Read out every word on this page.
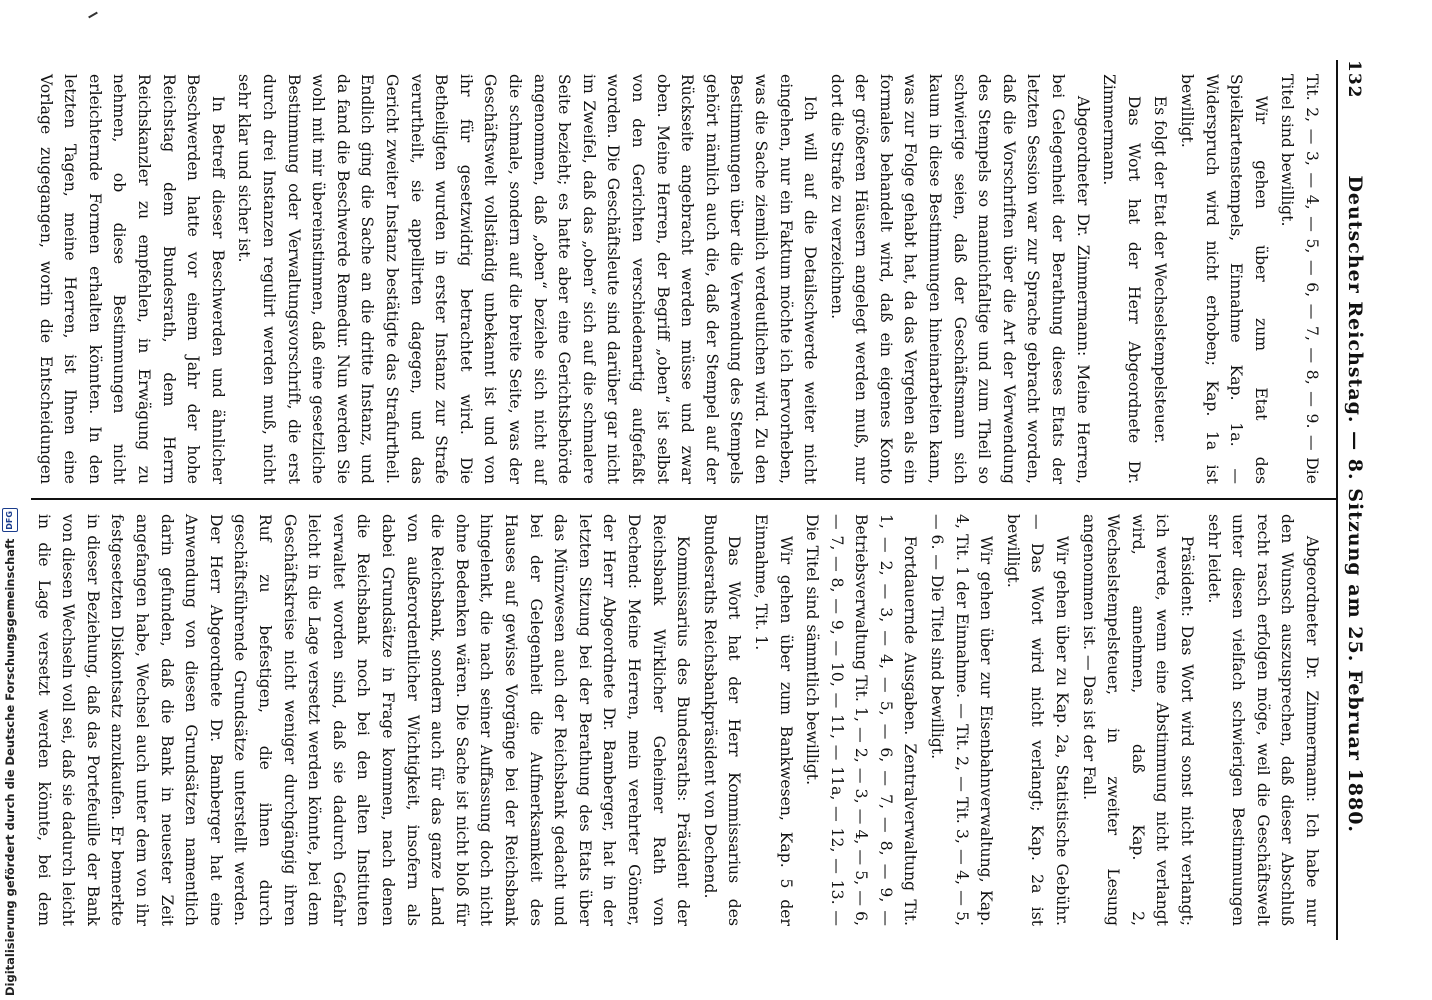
132
Deutscher Reichstag. — 8. Sitzung am 25. Februar 1880.

Tit. 2, — 3, — 4, — 5, — 6, — 7, — 8, — 9. — Die Titel sind bewilligt.

Wir gehen über zum Etat des Spielkartenstempels, Einnahme Kap. 1a. — Widerspruch wird nicht erhoben; Kap. 1a ist bewilligt.

Es folgt der Etat der Wechselstempelsteuer.

Das Wort hat der Herr Abgeordnete Dr. Zimmermann.

Abgeordneter Dr. Zimmermann: Meine Herren, bei Gelegenheit der Berathung dieses Etats der letzten Session war zur Sprache gebracht worden, daß die Vorschriften über die Art der Verwendung des Stempels so mannichfaltige und zum Theil so schwierige seien, daß der Geschäftsmann sich kaum in diese Bestimmungen hineinarbeiten kann, was zur Folge gehabt hat, da das Vergehen als ein formales behandelt wird, daß ein eigenes Konto der größeren Häusern angelegt werden muß, nur dort die Strafe zu verzeichnen.

Ich will auf die Detailschwerde weiter nicht eingehen, nur ein Faktum möchte ich hervorheben, was die Sache ziemlich verdeutlichen wird. Zu den Bestimmungen über die Verwendung des Stempels gehört nämlich auch die, daß der Stempel auf der Rückseite angebracht werden müsse und zwar oben. Meine Herren, der Begriff „oben“ ist selbst von den Gerichten verschiedenartig aufgefaßt worden. Die Geschäftsleute sind darüber gar nicht im Zweifel, daß das „oben“ sich auf die schmalere Seite bezieht; es hatte aber eine Gerichtsbehörde angenommen, daß „oben“ beziehe sich nicht auf die schmale, sondern auf die breite Seite, was der Geschäftswelt vollständig unbekannt ist und von ihr für gesetzwidrig betrachtet wird. Die Betheiligten wurden in erster Instanz zur Strafe verurtheilt, sie appellirten dagegen, und das Gericht zweiter Instanz bestätigte das Strafurtheil. Endlich ging die Sache an die dritte Instanz, und da fand die Beschwerde Remedur. Nun werden Sie wohl mit mir übereinstimmen, daß eine gesetzliche Bestimmung oder Verwaltungsvorschrift, die erst durch drei Instanzen regulirt werden muß, nicht sehr klar und sicher ist.

In Betreff dieser Beschwerden und ähnlicher Beschwerden hatte vor einem Jahr der hohe Reichstag dem Bundesrath, dem Herrn Reichskanzler zu empfehlen, in Erwägung zu nehmen, ob diese Bestimmungen nicht erleichternde Formen erhalten könnten. In den letzten Tagen, meine Herren, ist Ihnen eine Vorlage zugegangen, worin die Entscheidungen

Abgeordneter Dr. Zimmermann: Ich habe nur den Wunsch auszusprechen, daß dieser Abschluß recht rasch erfolgen möge, weil die Geschäftswelt unter diesen vielfach schwierigen Bestimmungen sehr leidet.

Präsident: Das Wort wird sonst nicht verlangt; ich werde, wenn eine Abstimmung nicht verlangt wird, annehmen, daß Kap. 2, Wechselstempelsteuer, in zweiter Lesung angenommen ist. — Das ist der Fall.

Wir gehen über zu Kap. 2a, Statistische Gebühr. — Das Wort wird nicht verlangt; Kap. 2a ist bewilligt.

Wir gehen über zur Eisenbahnverwaltung, Kap. 4, Tit. 1 der Einnahme. — Tit. 2, — Tit. 3, — 4, — 5, — 6. — Die Titel sind bewilligt.

Fortdauernde Ausgaben. Zentralverwaltung Tit. 1, — 2, — 3, — 4, — 5, — 6, — 7, — 8, — 9, — Betriebsverwaltung Tit. 1, — 2, — 3, — 4, — 5, — 6, — 7, — 8, — 9, — 10, — 11, — 11a, — 12, — 13. — Die Titel sind sämmtlich bewilligt.

Wir gehen über zum Bankwesen, Kap. 5 der Einnahme, Tit. 1.

Das Wort hat der Herr Kommissarius des Bundesraths Reichsbankpräsident von Dechend.

Kommissarius des Bundesraths: Präsident der Reichsbank Wirklicher Geheimer Rath von Dechend: Meine Herren, mein verehrter Gönner, der Herr Abgeordnete Dr. Bamberger, hat in der letzten Sitzung bei der Berathung des Etats über das Münzwesen auch der Reichsbank gedacht und bei der Gelegenheit die Aufmerksamkeit des Hauses auf gewisse Vorgänge bei der Reichsbank hingelenkt, die nach seiner Auffassung doch nicht ohne Bedenken wären. Die Sache ist nicht bloß für die Reichsbank, sondern auch für das ganze Land von außerordentlicher Wichtigkeit, insofern als dabei Grundsätze in Frage kommen, nach denen die Reichsbank noch bei den alten Instituten verwaltet worden sind, daß sie dadurch Gefahr leicht in die Lage versetzt werden könnte, bei dem Geschäftskreise nicht weniger durchgängig ihren Ruf zu befestigen, die ihnen durch geschäftsführende Grundsätze unterstellt werden. Der Herr Abgeordnete Dr. Bamberger hat eine Anwendung von diesen Grundsätzen namentlich darin gefunden, daß die Bank in neuester Zeit angefangen habe, Wechsel auch unter dem von ihr festgesetzten Diskontsatz anzukaufen. Er bemerkte in dieser Beziehung, daß das Portefeuille der Bank von diesen Wechseln voll sei, daß sie dadurch leicht in die Lage versetzt werden könnte, bei dem

Digitalisierung gefördert durch die Deutsche Forschungsgemeinschaft
DFG
